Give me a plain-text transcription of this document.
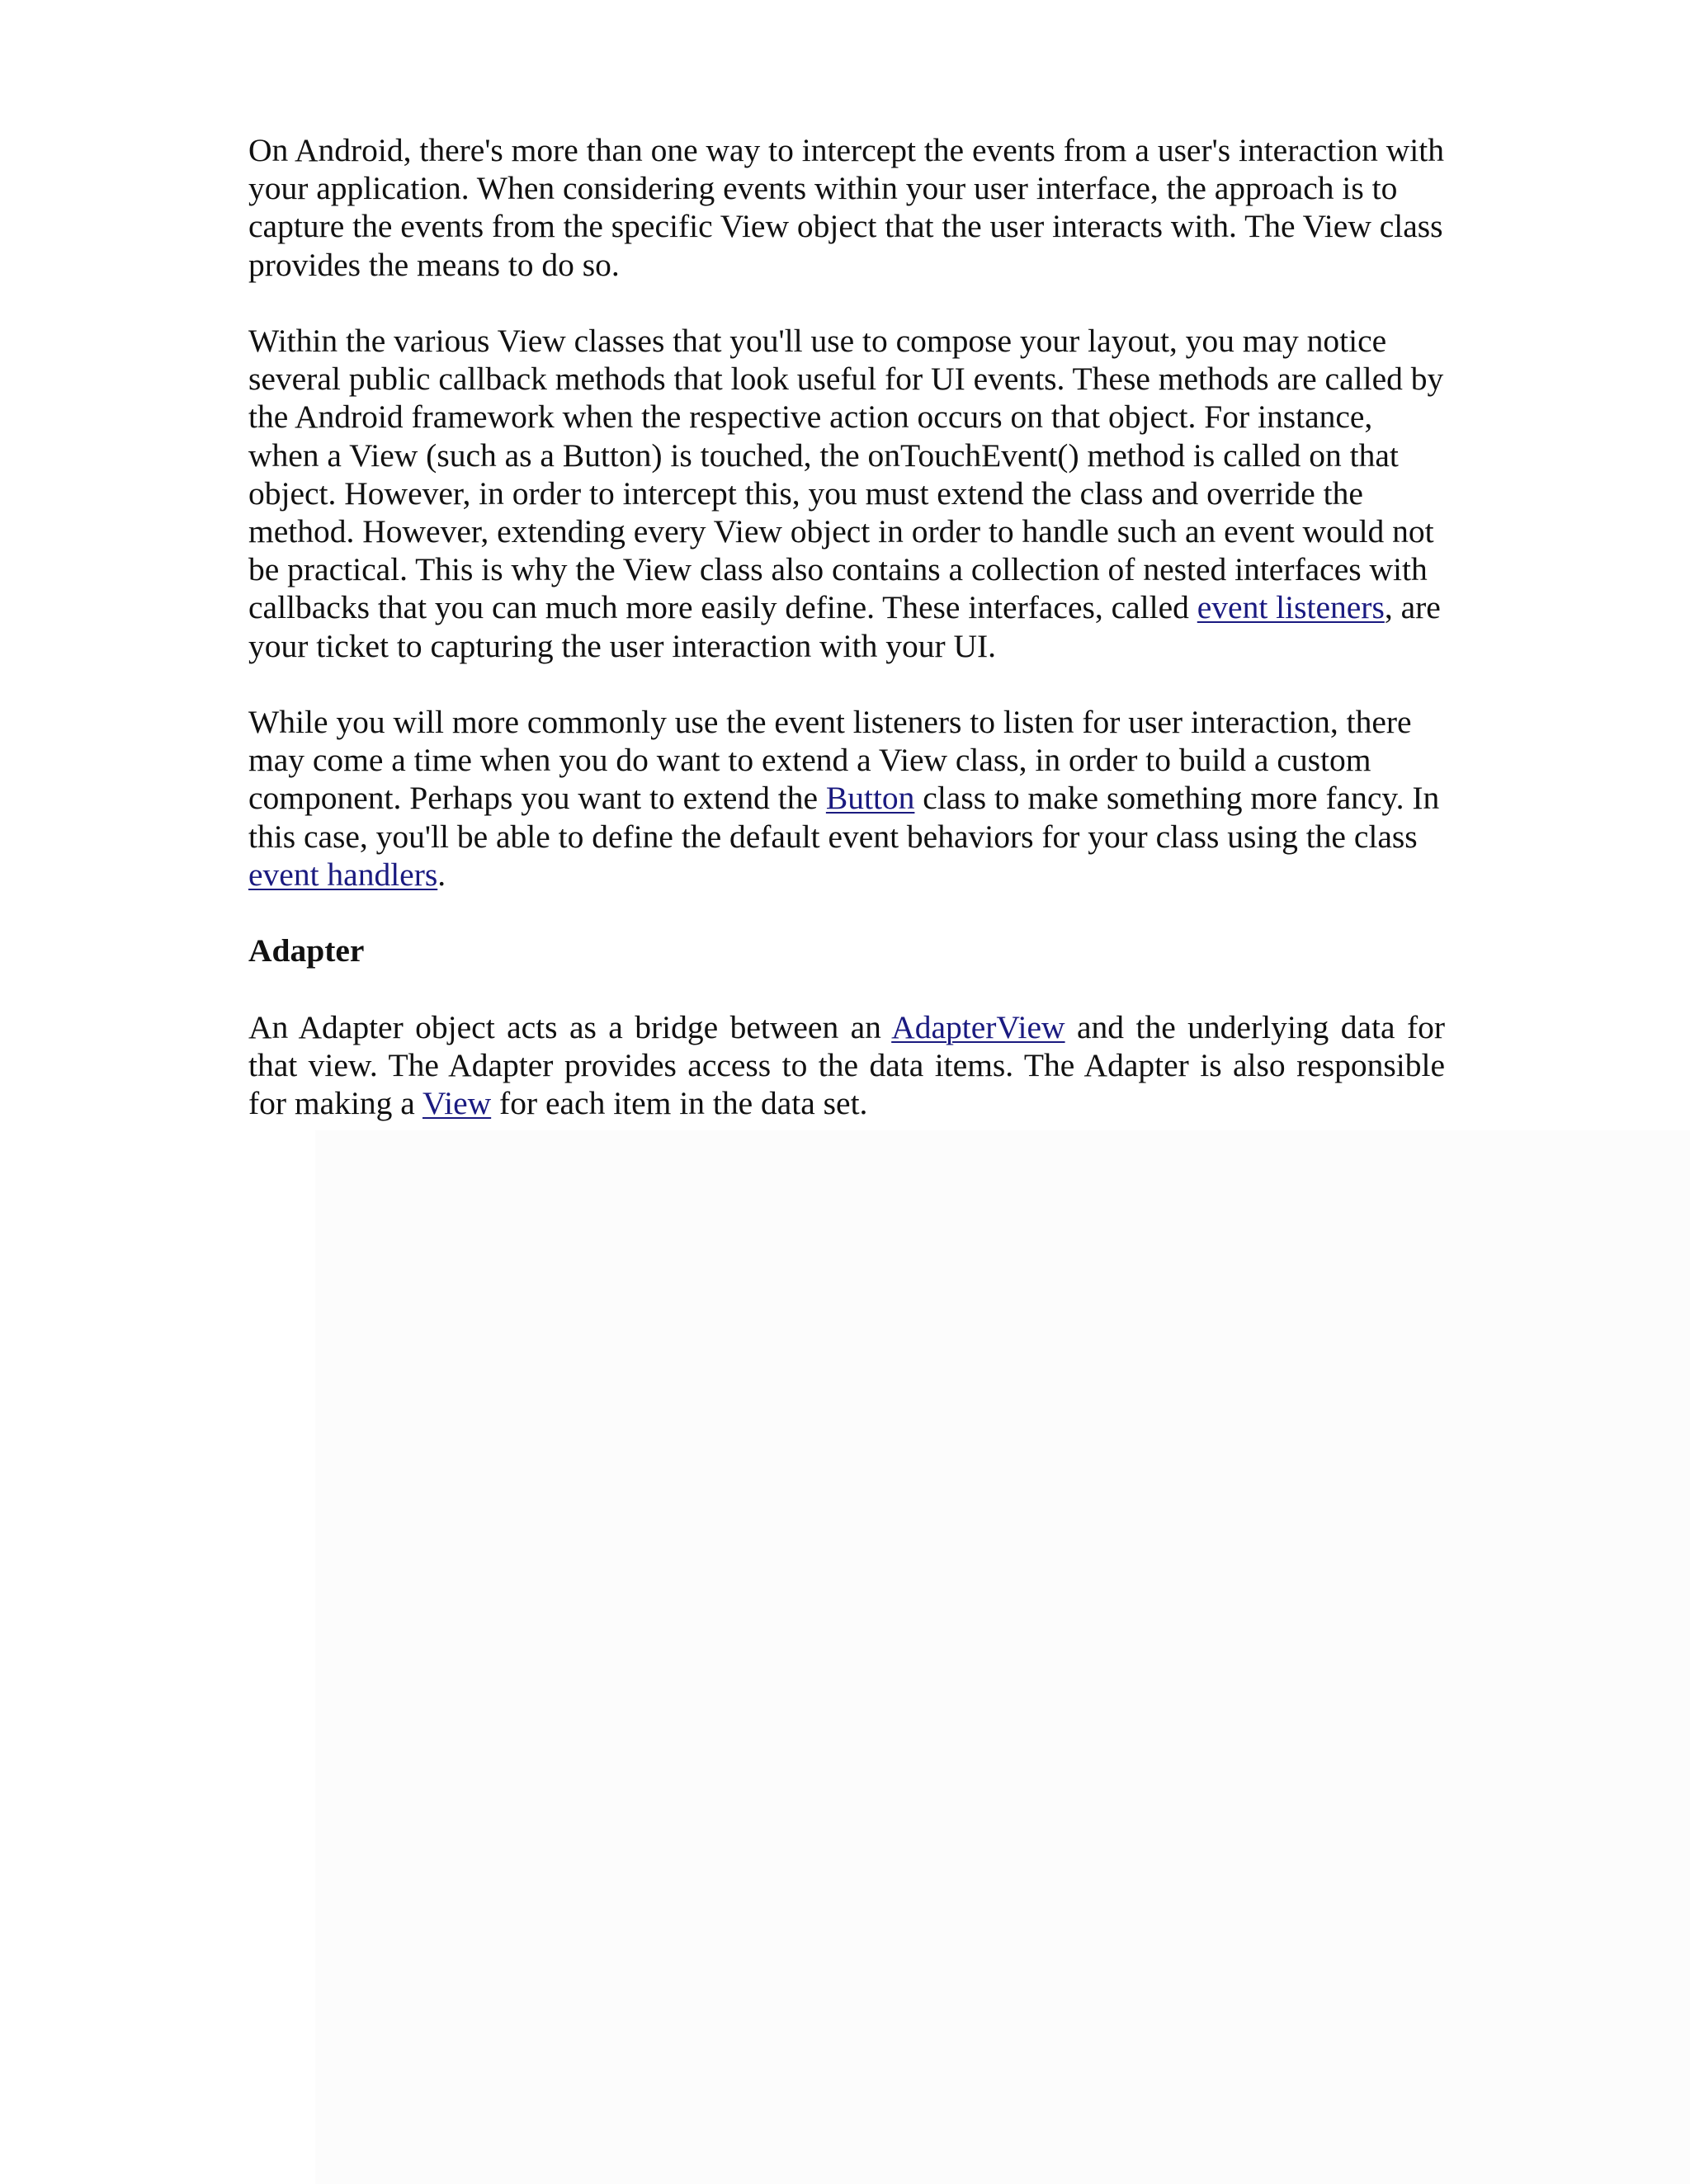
On Android, there's more than one way to intercept the events from a user's interaction with your application. When considering events within your user interface, the approach is to capture the events from the specific View object that the user interacts with. The View class provides the means to do so.

Within the various View classes that you'll use to compose your layout, you may notice several public callback methods that look useful for UI events. These methods are called by the Android framework when the respective action occurs on that object. For instance, when a View (such as a Button) is touched, the onTouchEvent() method is called on that object. However, in order to intercept this, you must extend the class and override the method. However, extending every View object in order to handle such an event would not be practical. This is why the View class also contains a collection of nested interfaces with callbacks that you can much more easily define. These interfaces, called event listeners, are your ticket to capturing the user interaction with your UI.

While you will more commonly use the event listeners to listen for user interaction, there may come a time when you do want to extend a View class, in order to build a custom component. Perhaps you want to extend the Button class to make something more fancy. In this case, you'll be able to define the default event behaviors for your class using the class event handlers.

Adapter

An Adapter object acts as a bridge between an AdapterView and the underlying data for that view. The Adapter provides access to the data items. The Adapter is also responsible for making a View for each item in the data set.
